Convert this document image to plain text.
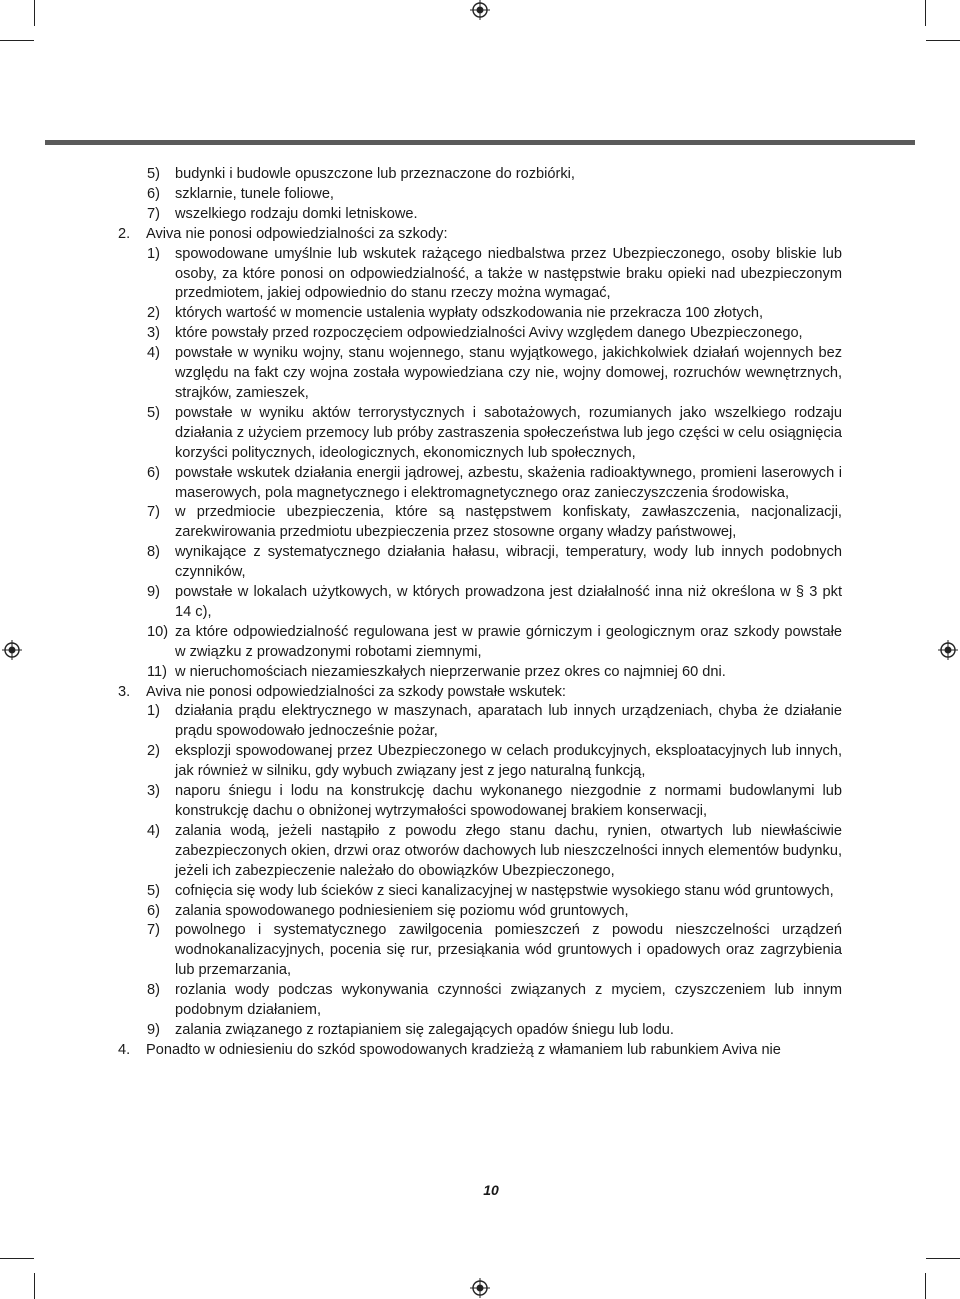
5) budynki i budowle opuszczone lub przeznaczone do rozbiórki,
6) szklarnie, tunele foliowe,
7) wszelkiego rodzaju domki letniskowe.
2. Aviva nie ponosi odpowiedzialności za szkody:
1) spowodowane umyślnie lub wskutek rażącego niedbalstwa przez Ubezpieczonego, osoby bliskie lub osoby, za które ponosi on odpowiedzialność, a także w następstwie braku opieki nad ubezpieczonym przedmiotem, jakiej odpowiednio do stanu rzeczy można wymagać,
2) których wartość w momencie ustalenia wypłaty odszkodowania nie przekracza 100 złotych,
3) które powstały przed rozpoczęciem odpowiedzialności Avivy względem danego Ubezpieczonego,
4) powstałe w wyniku wojny, stanu wojennego, stanu wyjątkowego, jakichkolwiek działań wojennych bez względu na fakt czy wojna została wypowiedziana czy nie, wojny domowej, rozruchów wewnętrznych, strajków, zamieszek,
5) powstałe w wyniku aktów terrorystycznych i sabotażowych, rozumianych jako wszelkiego rodzaju działania z użyciem przemocy lub próby zastraszenia społeczeństwa lub jego części w celu osiągnięcia korzyści politycznych, ideologicznych, ekonomicznych lub społecznych,
6) powstałe wskutek działania energii jądrowej, azbestu, skażenia radioaktywnego, promieni laserowych i maserowych, pola magnetycznego i elektromagnetycznego oraz zanieczyszczenia środowiska,
7) w przedmiocie ubezpieczenia, które są następstwem konfiskaty, zawłaszczenia, nacjonalizacji, zarekwirowania przedmiotu ubezpieczenia przez stosowne organy władzy państwowej,
8) wynikające z systematycznego działania hałasu, wibracji, temperatury, wody lub innych podobnych czynników,
9) powstałe w lokalach użytkowych, w których prowadzona jest działalność inna niż określona w § 3 pkt 14 c),
10) za które odpowiedzialność regulowana jest w prawie górniczym i geologicznym oraz szkody powstałe w związku z prowadzonymi robotami ziemnymi,
11) w nieruchomościach niezamieszkałych nieprzerwanie przez okres co najmniej 60 dni.
3. Aviva nie ponosi odpowiedzialności za szkody powstałe wskutek:
1) działania prądu elektrycznego w maszynach, aparatach lub innych urządzeniach, chyba że działanie prądu spowodowało jednocześnie pożar,
2) eksplozji spowodowanej przez Ubezpieczonego w celach produkcyjnych, eksploatacyjnych lub innych, jak również w silniku, gdy wybuch związany jest z jego naturalną funkcją,
3) naporu śniegu i lodu na konstrukcję dachu wykonanego niezgodnie z normami budowlanymi lub konstrukcję dachu o obniżonej wytrzymałości spowodowanej brakiem konserwacji,
4) zalania wodą, jeżeli nastąpiło z powodu złego stanu dachu, rynien, otwartych lub niewłaściwie zabezpieczonych okien, drzwi oraz otworów dachowych lub nieszczelności innych elementów budynku, jeżeli ich zabezpieczenie należało do obowiązków Ubezpieczonego,
5) cofnięcia się wody lub ścieków z sieci kanalizacyjnej w następstwie wysokiego stanu wód gruntowych,
6) zalania spowodowanego podniesieniem się poziomu wód gruntowych,
7) powolnego i systematycznego zawilgocenia pomieszczeń z powodu nieszczelności urządzeń wodnokanalizacyjnych, pocenia się rur, przesiąkania wód gruntowych i opadowych oraz zagrzybienia lub przemarzania,
8) rozlania wody podczas wykonywania czynności związanych z myciem, czyszczeniem lub innym podobnym działaniem,
9) zalania związanego z roztapianiem się zalegających opadów śniegu lub lodu.
4. Ponadto w odniesieniu do szkód spowodowanych kradzieżą z włamaniem lub rabunkiem Aviva nie
10
